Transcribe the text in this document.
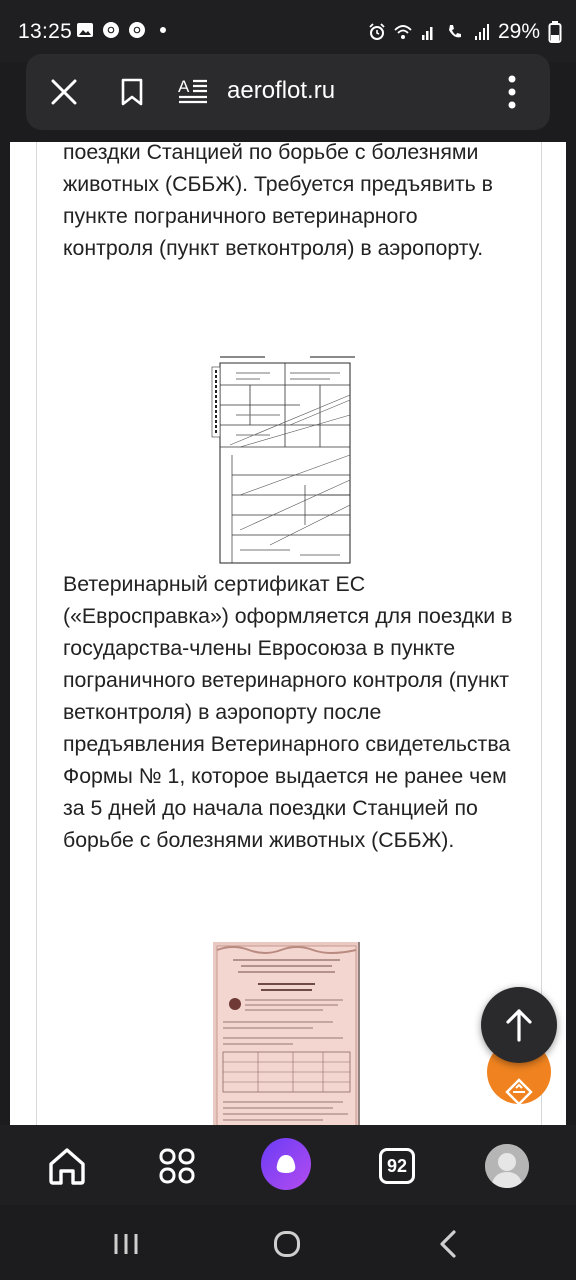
13:25	29%
A aeroflot.ru

поездки Станцией по борьбе с болезнями животных (СББЖ). Требуется предъявить в пункте пограничного ветеринарного контроля (пункт ветконтроля) в аэропорту.

Ветеринарный сертификат ЕС («Евросправка») оформляется для поездки в государства-члены Евросоюза в пункте пограничного ветеринарного контроля (пункт ветконтроля) в аэропорту после предъявления Ветеринарного свидетельства Формы № 1, которое выдается не ранее чем за 5 дней до начала поездки Станцией по борьбе с болезнями животных (СББЖ).

92
